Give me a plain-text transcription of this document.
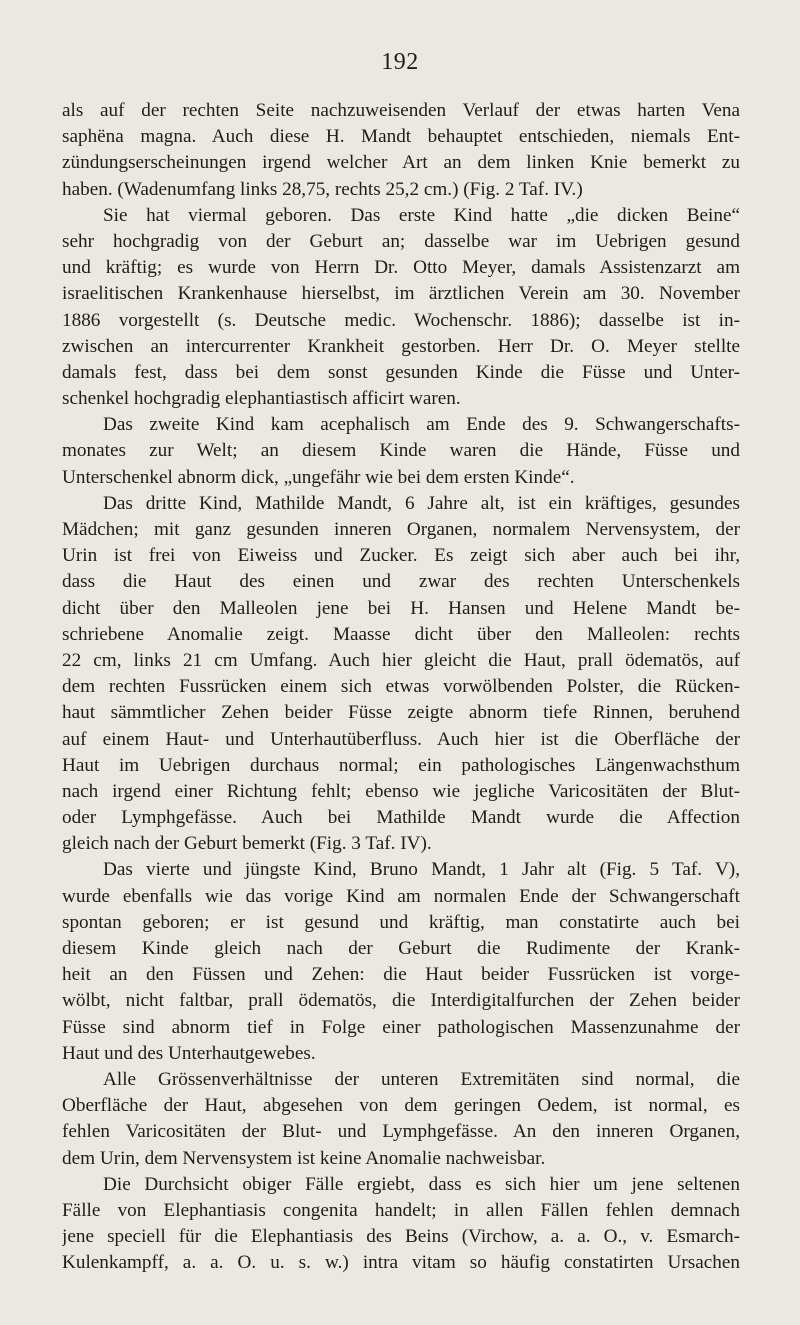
192
als auf der rechten Seite nachzuweisenden Verlauf der etwas harten Vena
saphëna magna. Auch diese H. Mandt behauptet entschieden, niemals Ent-
zündungserscheinungen irgend welcher Art an dem linken Knie bemerkt zu
haben. (Wadenumfang links 28,75, rechts 25,2 cm.) (Fig. 2 Taf. IV.)
Sie hat viermal geboren. Das erste Kind hatte „die dicken Beine“
sehr hochgradig von der Geburt an; dasselbe war im Uebrigen gesund
und kräftig; es wurde von Herrn Dr. Otto Meyer, damals Assistenzarzt am
israelitischen Krankenhause hierselbst, im ärztlichen Verein am 30. November
1886 vorgestellt (s. Deutsche medic. Wochenschr. 1886); dasselbe ist in-
zwischen an intercurrenter Krankheit gestorben. Herr Dr. O. Meyer stellte
damals fest, dass bei dem sonst gesunden Kinde die Füsse und Unter-
schenkel hochgradig elephantiastisch afficirt waren.
Das zweite Kind kam acephalisch am Ende des 9. Schwangerschafts-
monates zur Welt; an diesem Kinde waren die Hände, Füsse und
Unterschenkel abnorm dick, „ungefähr wie bei dem ersten Kinde“.
Das dritte Kind, Mathilde Mandt, 6 Jahre alt, ist ein kräftiges, gesundes
Mädchen; mit ganz gesunden inneren Organen, normalem Nervensystem, der
Urin ist frei von Eiweiss und Zucker. Es zeigt sich aber auch bei ihr,
dass die Haut des einen und zwar des rechten Unterschenkels
dicht über den Malleolen jene bei H. Hansen und Helene Mandt be-
schriebene Anomalie zeigt. Maasse dicht über den Malleolen: rechts
22 cm, links 21 cm Umfang. Auch hier gleicht die Haut, prall ödematös, auf
dem rechten Fussrücken einem sich etwas vorwölbenden Polster, die Rücken-
haut sämmtlicher Zehen beider Füsse zeigte abnorm tiefe Rinnen, beruhend
auf einem Haut- und Unterhautüberfluss. Auch hier ist die Oberfläche der
Haut im Uebrigen durchaus normal; ein pathologisches Längenwachsthum
nach irgend einer Richtung fehlt; ebenso wie jegliche Varicositäten der Blut-
oder Lymphgefässe. Auch bei Mathilde Mandt wurde die Affection
gleich nach der Geburt bemerkt (Fig. 3 Taf. IV).
Das vierte und jüngste Kind, Bruno Mandt, 1 Jahr alt (Fig. 5 Taf. V),
wurde ebenfalls wie das vorige Kind am normalen Ende der Schwangerschaft
spontan geboren; er ist gesund und kräftig, man constatirte auch bei
diesem Kinde gleich nach der Geburt die Rudimente der Krank-
heit an den Füssen und Zehen: die Haut beider Fussrücken ist vorge-
wölbt, nicht faltbar, prall ödematös, die Interdigitalfurchen der Zehen beider
Füsse sind abnorm tief in Folge einer pathologischen Massenzunahme der
Haut und des Unterhautgewebes.
Alle Grössenverhältnisse der unteren Extremitäten sind normal, die
Oberfläche der Haut, abgesehen von dem geringen Oedem, ist normal, es
fehlen Varicositäten der Blut- und Lymphgefässe. An den inneren Organen,
dem Urin, dem Nervensystem ist keine Anomalie nachweisbar.
Die Durchsicht obiger Fälle ergiebt, dass es sich hier um jene seltenen
Fälle von Elephantiasis congenita handelt; in allen Fällen fehlen demnach
jene speciell für die Elephantiasis des Beins (Virchow, a. a. O., v. Esmarch-
Kulenkampff, a. a. O. u. s. w.) intra vitam so häufig constatirten Ursachen
